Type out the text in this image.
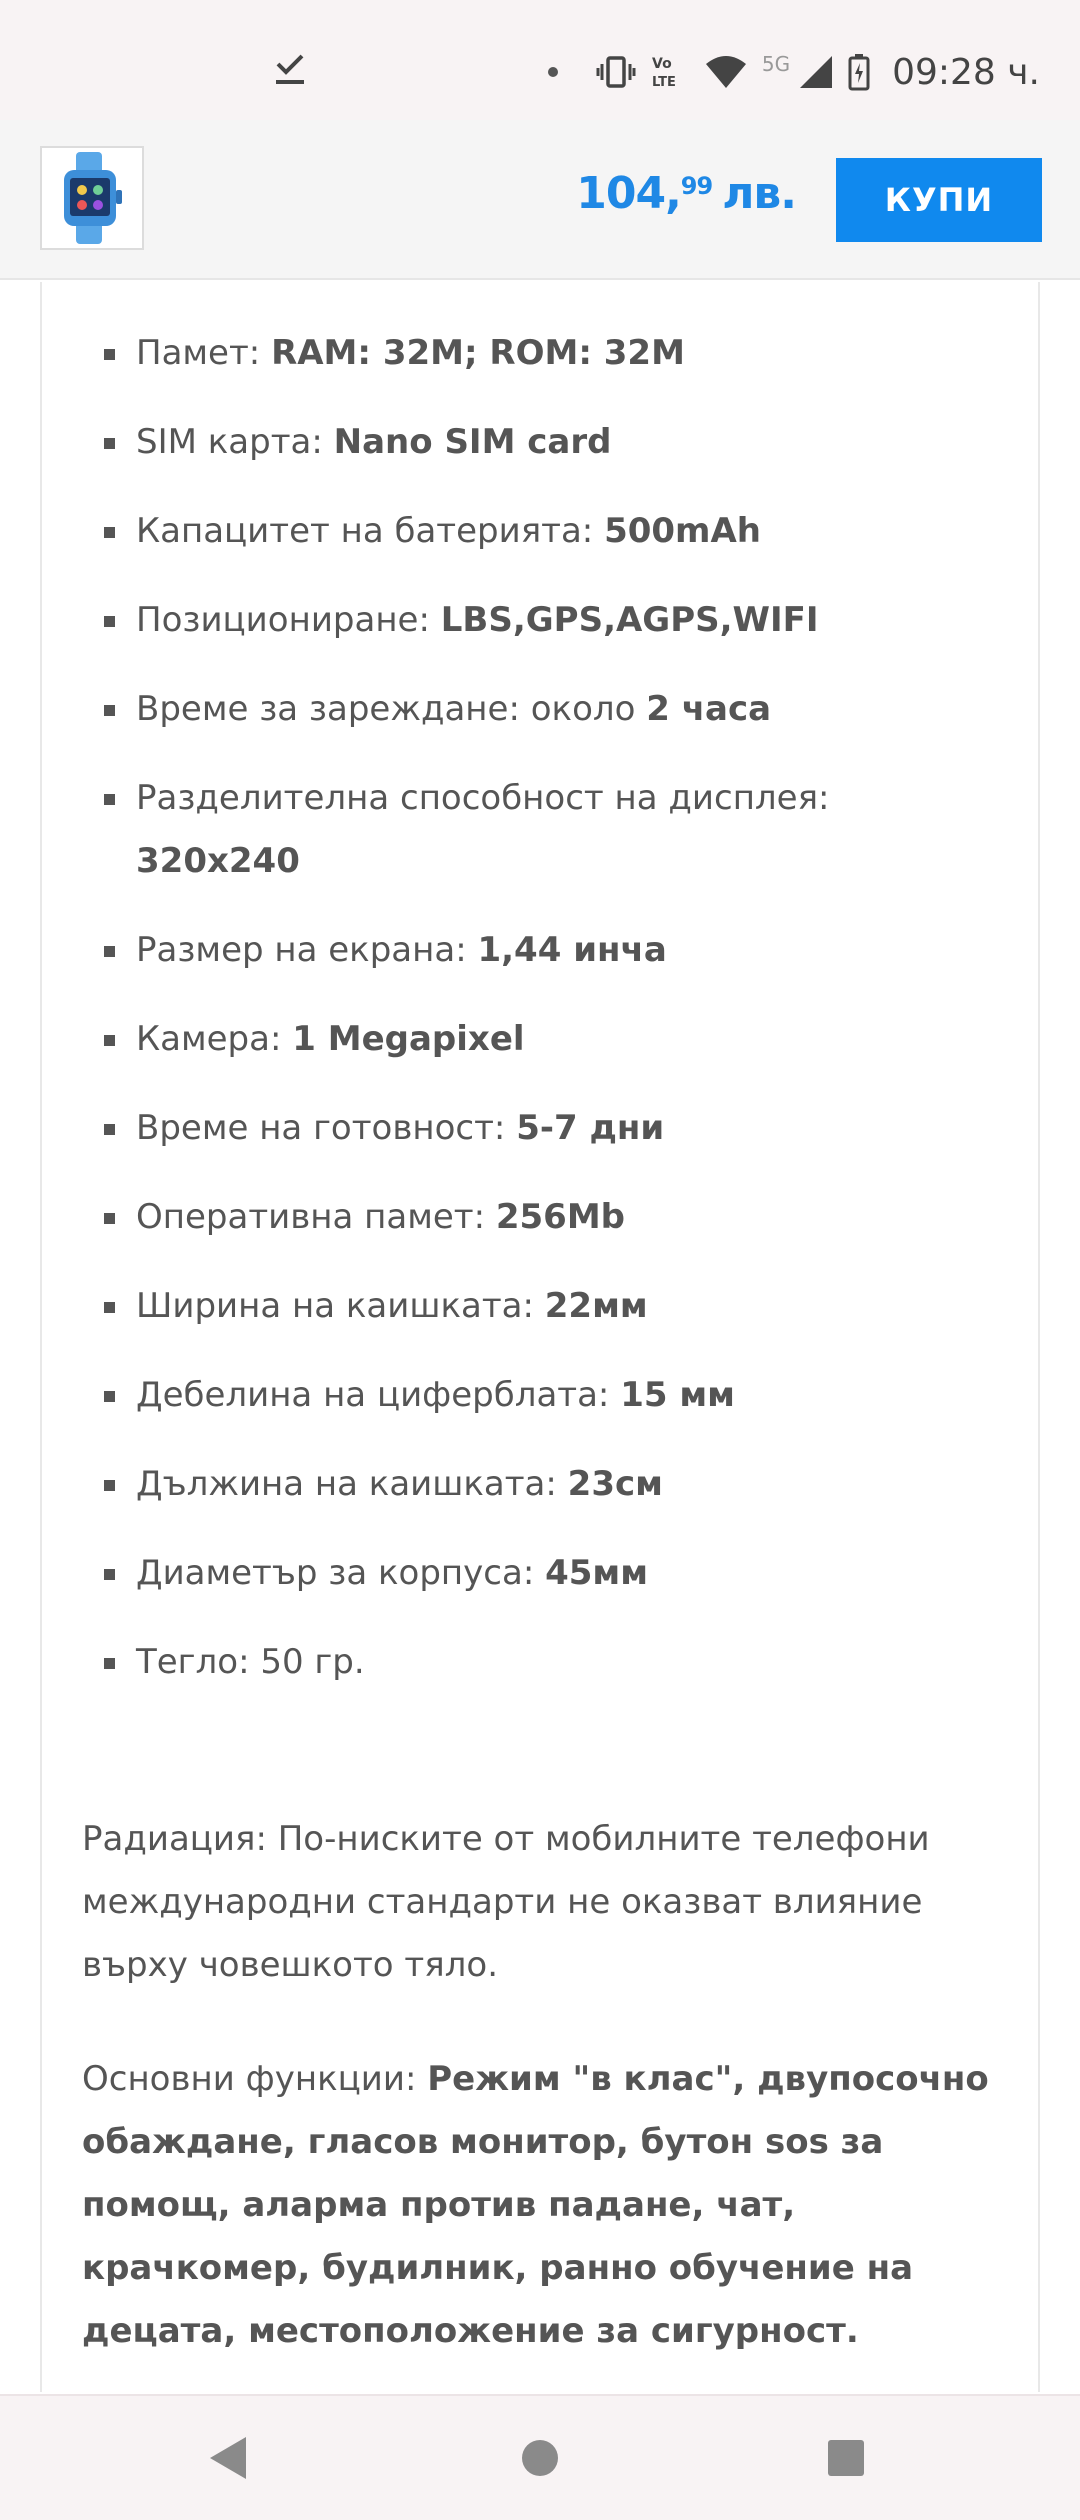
Vo
LTE
5G	09:28 ч.
104, 99 лв.	КУПИ
Памет: RAM: 32M; ROM: 32M
SIM карта: Nano SIM card
Капацитет на батерията: 500mAh
Позициониране: LBS,GPS,AGPS,WIFI
Време за зареждане: около 2 часа
Разделителна способност на дисплея: 320x240
Размер на екрана: 1,44 инча
Камера: 1 Megapixel
Време на готовност: 5-7 дни
Оперативна памет: 256Mb
Ширина на каишката: 22мм
Дебелина на циферблата: 15 мм
Дължина на каишката: 23см
Диаметър за корпуса: 45мм
Тегло: 50 гр.

Радиация: По-ниските от мобилните телефони международни стандарти не оказват влияние върху човешкото тяло.

Основни функции: Режим "в клас", двупосочно обаждане, гласов монитор, бутон sos за помощ, аларма против падане, чат, крачкомер, будилник, ранно обучение на децата, местоположение за сигурност.
